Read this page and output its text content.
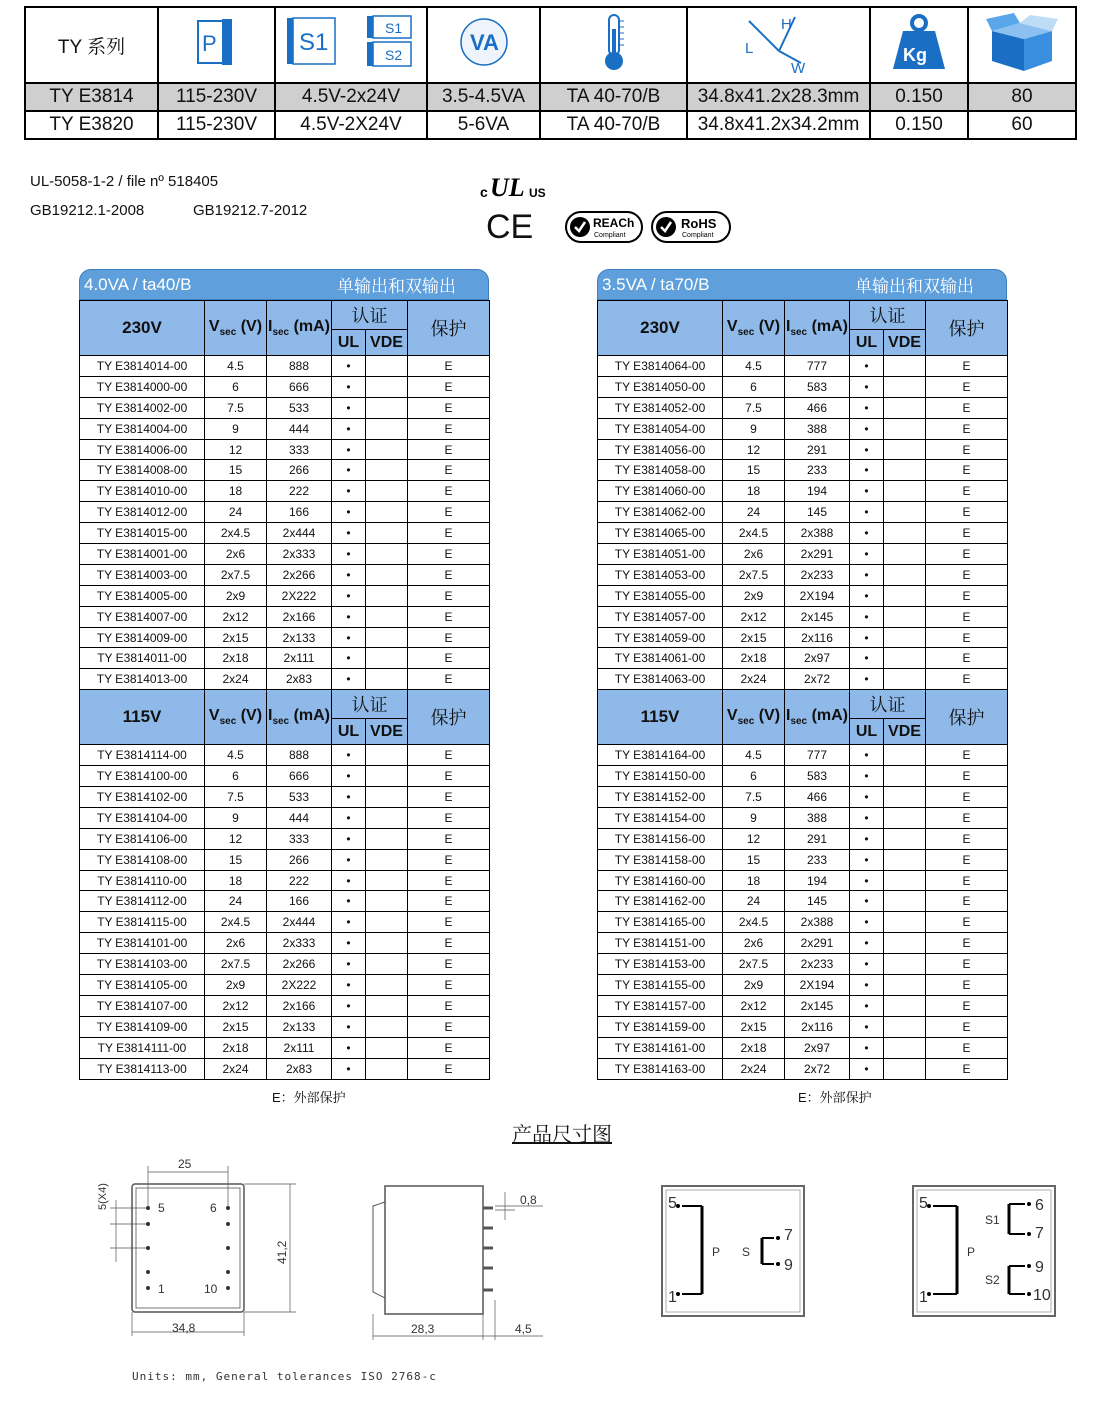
TY 系列	P	S1
S1
S2	VA		H
L
W	Kg

TY E3814	115-230V	4.5V-2x24V	3.5-4.5VA	TA 40-70/B	34.8x41.2x28.3mm	0.150	80
TY E3820	115-230V	4.5V-2X24V	5-6VA	TA 40-70/B	34.8x41.2x34.2mm	0.150	60
UL-5058-1-2 / file nº 518405
GB19212.1-2008	GB19212.7-2012
c UL US
CE	REACh
Compliant
RoHS
Compliant
4.0VA / ta40/B	单输出和双输出
230V	$V_{sec}$ (V)	$I_{sec}$ (mA)	认证		保护
			UL	VDE	
TY E3814014-00	4.5	888	•		E
TY E3814000-00	6	666	•		E
TY E3814002-00	7.5	533	•		E
TY E3814004-00	9	444	•		E
TY E3814006-00	12	333	•		E
TY E3814008-00	15	266	•		E
TY E3814010-00	18	222	•		E
TY E3814012-00	24	166	•		E
TY E3814015-00	2x4.5	2x444	•		E
TY E3814001-00	2x6	2x333	•		E
TY E3814003-00	2x7.5	2x266	•		E
TY E3814005-00	2x9	2X222	•		E
TY E3814007-00	2x12	2x166	•		E
TY E3814009-00	2x15	2x133	•		E
TY E3814011-00	2x18	2x111	•		E
TY E3814013-00	2x24	2x83	•		E
115V	$V_{sec}$ (V)	$I_{sec}$ (mA)	认证		保护
			UL	VDE	
TY E3814114-00	4.5	888	•		E
TY E3814100-00	6	666	•		E
TY E3814102-00	7.5	533	•		E
TY E3814104-00	9	444	•		E
TY E3814106-00	12	333	•		E
TY E3814108-00	15	266	•		E
TY E3814110-00	18	222	•		E
TY E3814112-00	24	166	•		E
TY E3814115-00	2x4.5	2x444	•		E
TY E3814101-00	2x6	2x333	•		E
TY E3814103-00	2x7.5	2x266	•		E
TY E3814105-00	2x9	2X222	•		E
TY E3814107-00	2x12	2x166	•		E
TY E3814109-00	2x15	2x133	•		E
TY E3814111-00	2x18	2x111	•		E
TY E3814113-00	2x24	2x83	•		E
3.5VA / ta70/B	单输出和双输出
230V	$V_{sec}$ (V)	$I_{sec}$ (mA)	认证		保护
			UL	VDE	
TY E3814064-00	4.5	777	•		E
TY E3814050-00	6	583	•		E
TY E3814052-00	7.5	466	•		E
TY E3814054-00	9	388	•		E
TY E3814056-00	12	291	•		E
TY E3814058-00	15	233	•		E
TY E3814060-00	18	194	•		E
TY E3814062-00	24	145	•		E
TY E3814065-00	2x4.5	2x388	•		E
TY E3814051-00	2x6	2x291	•		E
TY E3814053-00	2x7.5	2x233	•		E
TY E3814055-00	2x9	2X194	•		E
TY E3814057-00	2x12	2x145	•		E
TY E3814059-00	2x15	2x116	•		E
TY E3814061-00	2x18	2x97	•		E
TY E3814063-00	2x24	2x72	•		E
115V	$V_{sec}$ (V)	$I_{sec}$ (mA)	认证		保护
			UL	VDE	
TY E3814164-00	4.5	777	•		E
TY E3814150-00	6	583	•		E
TY E3814152-00	7.5	466	•		E
TY E3814154-00	9	388	•		E
TY E3814156-00	12	291	•		E
TY E3814158-00	15	233	•		E
TY E3814160-00	18	194	•		E
TY E3814162-00	24	145	•		E
TY E3814165-00	2x4.5	2x388	•		E
TY E3814151-00	2x6	2x291	•		E
TY E3814153-00	2x7.5	2x233	•		E
TY E3814155-00	2x9	2X194	•		E
TY E3814157-00	2x12	2x145	•		E
TY E3814159-00	2x15	2x116	•		E
TY E3814161-00	2x18	2x97	•		E
TY E3814163-00	2x24	2x72	•		E
E：外部保护	E：外部保护
产品尺寸图
25
5	6
1	10
34,8
5(X4)
41,2
0,8
28,3	4,5
5
1
7
9
P S
5
1
6
7
9
10
P
S1
S2
Units: mm, General tolerances ISO 2768-c
